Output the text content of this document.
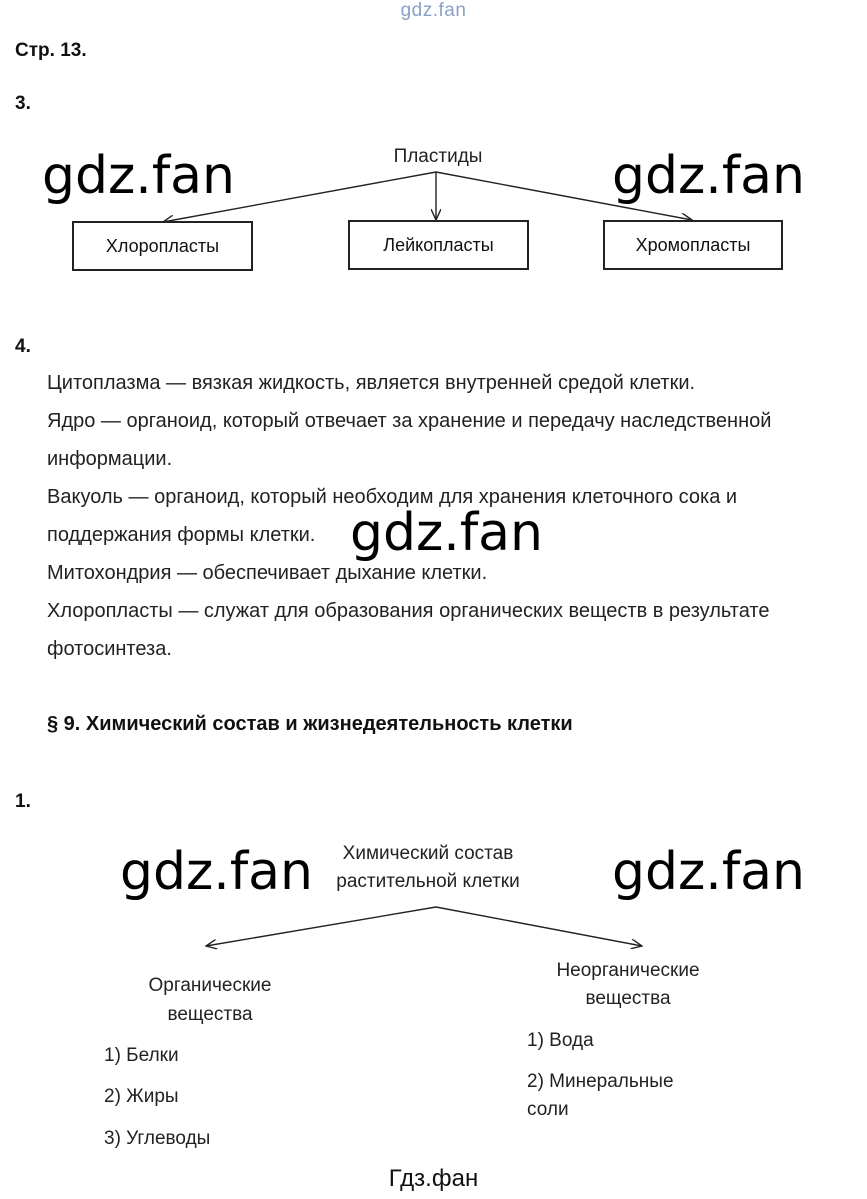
gdz.fan
Стр. 13.
3.
gdz.fan	gdz.fan
Пластиды
Хлоропласты	Лейкопласты	Хромопласты
4.
Цитоплазма — вязкая жидкость, является внутренней средой клетки.
Ядро — органоид, который отвечает за хранение и передачу наследственной
информации.
Вакуоль — органоид, который необходим для хранения клеточного сока и
поддержания формы клетки.
Митохондрия — обеспечивает дыхание клетки.
Хлоропласты — служат для образования органических веществ в результате
фотосинтеза.
gdz.fan
§ 9. Химический состав и жизнедеятельность клетки
1.
gdz.fan	gdz.fan
Химический состав
растительной клетки
Органические
вещества
1) Белки
2) Жиры
3) Углеводы
Неорганические
вещества
1) Вода
2) Минеральные
соли
Гдз.фан
